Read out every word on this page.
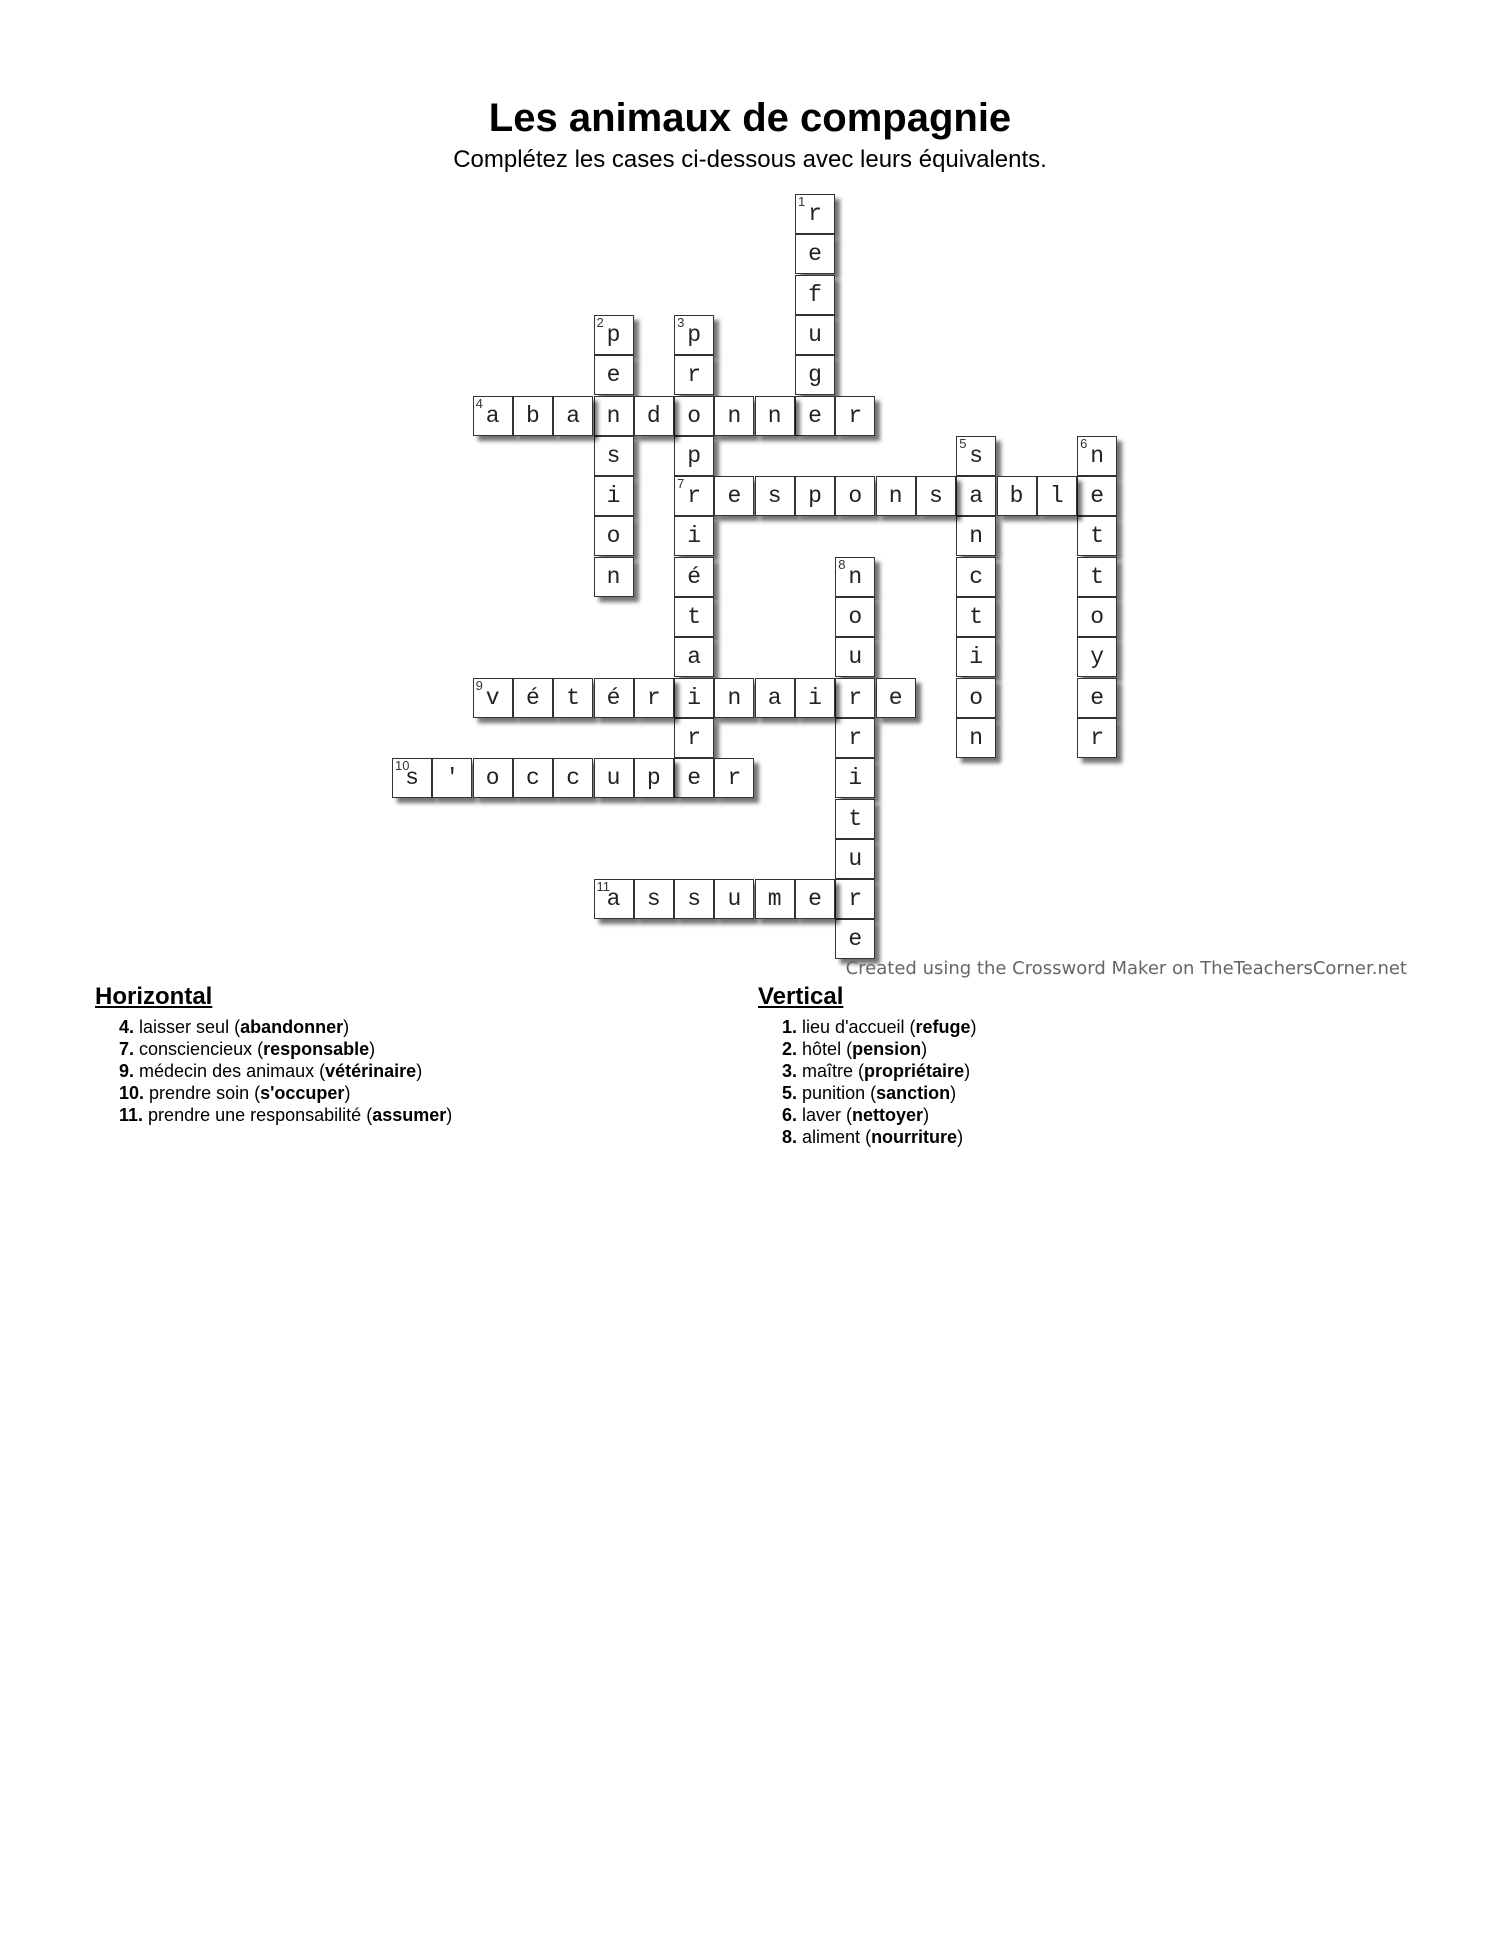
Les animaux de compagnie
Complétez les cases ci-dessous avec leurs équivalents.
1 r
e
f
u
g
e
2 p
e
n
s
i
o
n
3 p
r
o
p
7 r
i
é
t
a
i
r
e
4 a	b	a	d	n	n	r
5 s
a
n
c
t
i
o
n
6 n
e
t
t
o
y
e
r
e	s	p	o	n	s	b	l
8 n
o
u
r
r
i
t
u
r
e
9 v	é	t	é	r	n	a	i	e
10
s	'	o	c	c	u	p	r
11
a	s	s	u	m	e
Created using the Crossword Maker on TheTeachersCorner.net
Horizontal
4. laisser seul (abandonner)
7. consciencieux (responsable)
9. médecin des animaux (vétérinaire)
10. prendre soin (s'occuper)
11. prendre une responsabilité (assumer)
Vertical
1. lieu d'accueil (refuge)
2. hôtel (pension)
3. maître (propriétaire)
5. punition (sanction)
6. laver (nettoyer)
8. aliment (nourriture)
